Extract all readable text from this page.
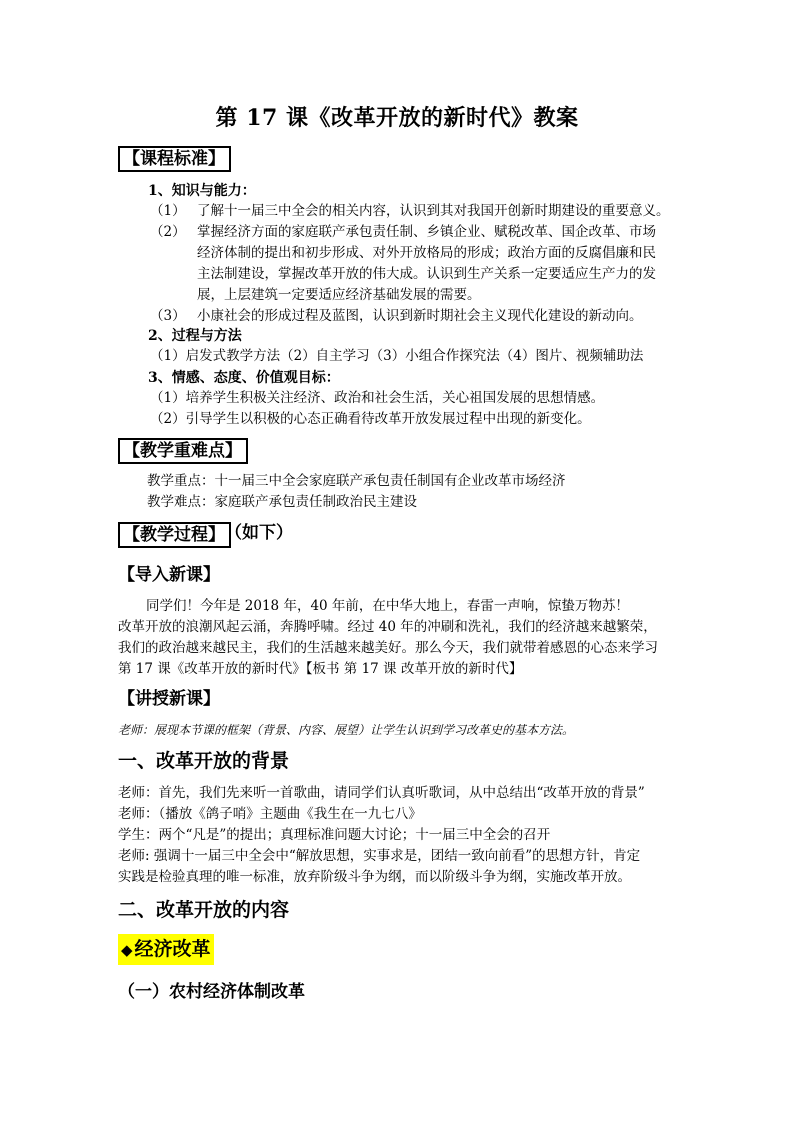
第 17 课《改革开放的新时代》教案
【课程标准】
1、知识与能力：
（1） 了解十一届三中全会的相关内容，认识到其对我国开创新时期建设的重要意义。
（2） 掌握经济方面的家庭联产承包责任制、乡镇企业、赋税改革、国企改革、市场
经济体制的提出和初步形成、对外开放格局的形成；政治方面的反腐倡廉和民
主法制建设，掌握改革开放的伟大成。认识到生产关系一定要适应生产力的发
展，上层建筑一定要适应经济基础发展的需要。
（3） 小康社会的形成过程及蓝图，认识到新时期社会主义现代化建设的新动向。
2、过程与方法
（1）启发式教学方法（2）自主学习（3）小组合作探究法（4）图片、视频辅助法
3、情感、态度、价值观目标：
（1）培养学生积极关注经济、政治和社会生活，关心祖国发展的思想情感。
（2）引导学生以积极的心态正确看待改革开放发展过程中出现的新变化。
【教学重难点】
教学重点：十一届三中全会家庭联产承包责任制国有企业改革市场经济
教学难点：家庭联产承包责任制政治民主建设
【教学过程】 （如下）
【导入新课】
同学们！今年是 2018 年，40 年前，在中华大地上，春雷一声响，惊蛰万物苏！
改革开放的浪潮风起云涌，奔腾呼啸。经过 40 年的冲刷和洗礼，我们的经济越来越繁荣，
我们的政治越来越民主，我们的生活越来越美好。那么今天，我们就带着感恩的心态来学习
第 17 课《改革开放的新时代》【板书 第 17 课 改革开放的新时代】
【讲授新课】
老师：展现本节课的框架（背景、内容、展望）让学生认识到学习改革史的基本方法。
一、改革开放的背景
老师：首先，我们先来听一首歌曲，请同学们认真听歌词，从中总结出“改革开放的背景”
老师：（播放《鸽子哨》主题曲《我生在一九七八》
学生：两个“凡是”的提出；真理标准问题大讨论；十一届三中全会的召开
老师: 强调十一届三中全会中“解放思想，实事求是，团结一致向前看”的思想方针，肯定
实践是检验真理的唯一标准，放弃阶级斗争为纲，而以阶级斗争为纲，实施改革开放。
二、改革开放的内容
◆ 经济改革
（一）农村经济体制改革
